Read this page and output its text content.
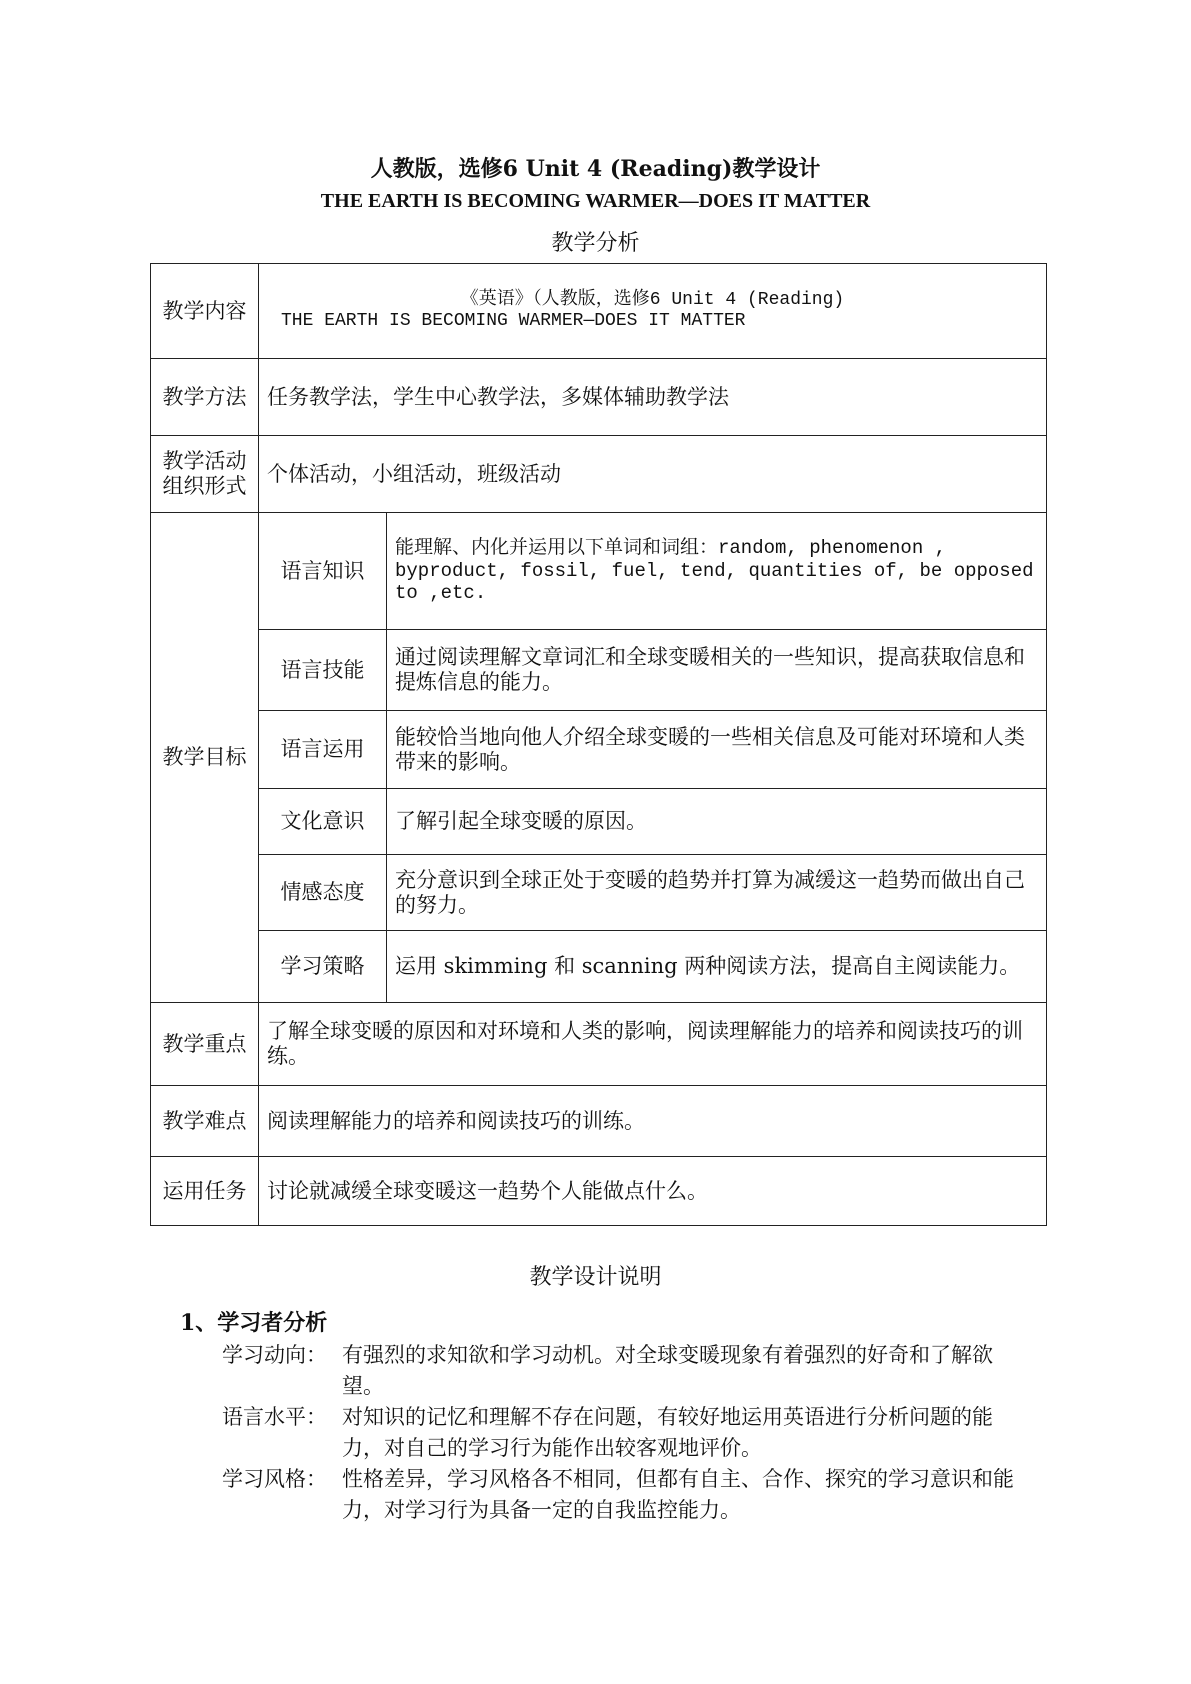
人教版，选修6 Unit 4 (Reading)教学设计
THE EARTH IS BECOMING WARMER—DOES IT MATTER
教学分析
教学内容	《英语》（人教版，选修6 Unit 4 (Reading)
THE EARTH IS BECOMING WARMER—DOES IT MATTER	

教学方法	任务教学法，学生中心教学法，多媒体辅助教学法	
教学活动组织形式	个体活动，小组活动，班级活动	
教学目标	语言知识	能理解、内化并运用以下单词和词组：random, phenomenon , byproduct, fossil, fuel, tend, quantities of, be opposed to ,etc.
	语言技能	通过阅读理解文章词汇和全球变暖相关的一些知识，提高获取信息和提炼信息的能力。
	语言运用	能较恰当地向他人介绍全球变暖的一些相关信息及可能对环境和人类带来的影响。
	文化意识	了解引起全球变暖的原因。
	情感态度	充分意识到全球正处于变暖的趋势并打算为减缓这一趋势而做出自己的努力。
	学习策略	运用 skimming 和 scanning 两种阅读方法，提高自主阅读能力。
教学重点	了解全球变暖的原因和对环境和人类的影响，阅读理解能力的培养和阅读技巧的训练。	
教学难点	阅读理解能力的培养和阅读技巧的训练。	
运用任务	讨论就减缓全球变暖这一趋势个人能做点什么。	
教学设计说明
1、学习者分析
学习动向： 有强烈的求知欲和学习动机。对全球变暖现象有着强烈的好奇和了解欲望。
语言水平： 对知识的记忆和理解不存在问题，有较好地运用英语进行分析问题的能力，对自己的学习行为能作出较客观地评价。
学习风格： 性格差异，学习风格各不相同，但都有自主、合作、探究的学习意识和能力，对学习行为具备一定的自我监控能力。
